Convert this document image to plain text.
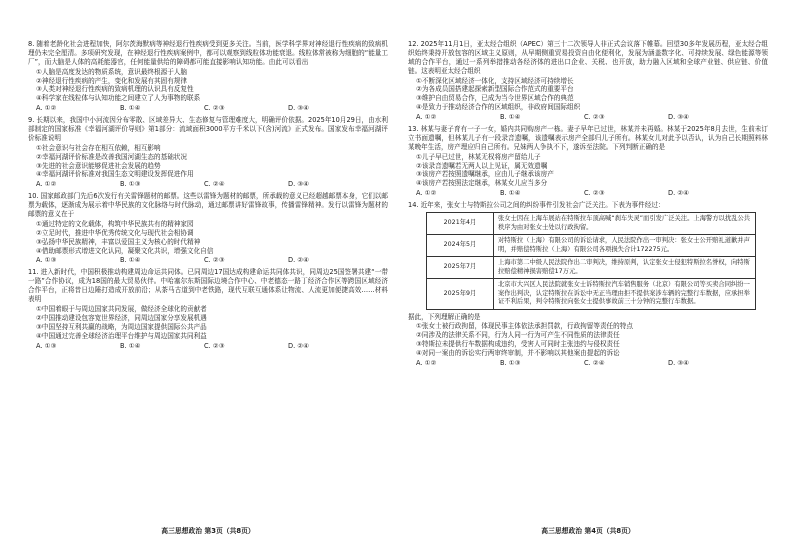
8. 随着老龄化社会进程加快，阿尔茨海默病等神经退行性疾病受到更多关注。当前，医学科学界对神经退行性疾病的致病机理仍未完全厘清。多项研究发现，在神经退行性疾病案例中，都可以观察到线粒体功能衰退。线粒体常被称为细胞的“能量工厂”，而大脑是人体的高耗能器官，任何能量供给的障碍都可能直接影响认知功能。由此可以看出

①人脑是高度发达的物质系统，意识最终根源于人脑

②神经退行性疾病的产生，变化和发展有其固有规律

③人类对神经退行性疾病的致病机理的认识具有反复性

④科学家在线粒体与认知功能之间建立了人为事物的联系

A. ①②	B. ①④	C. ②③	D. ③④

9. 长期以来，我国中小河流因分布零散、区域差异大、生态修复与管理难度大，明确评价依据。2025年10月29日，由水利部制定的国家标准《幸福河湖评价导则》第1部分：流域面积3000平方千米以下(含)河流》正式发布。国家发布幸福河湖评价标准说明

①社会意识与社会存在相互依赖，相互影响

②幸福河湖评价标准是改善我国河湖生态的基础状况

③先进的社会意识能够促进社会发展的趋势

④幸福河湖评价标准对我国生态文明建设发挥促进作用

A. ①②	B. ①③	C. ②④	D. ③④

10. 国家邮政部门先后6次发行有关雷锋题材的邮票。这些以雷锋为题材的邮票，所承载的意义已经超越邮票本身，它们以邮票为载体，逐渐成为展示着中华民族的文化脉络与时代脉动，通过邮票讲好雷锋故事，传播雷锋精神。发行以雷锋为题材的邮票的意义在于

①通过特定的文化载体，构筑中华民族共有的精神家园

②立足时代，推进中华优秀传统文化与现代社会相协调

③弘扬中华民族精神，丰富以爱国主义为核心的时代精神

④借助邮票形式增进文化认同，凝聚文化共识，增强文化自信

A. ①③	B. ①④	C. ②③	D. ②④

11. 进入新时代，中国积极推动构建周边命运共同体。已同周边17国达成构建命运共同体共识，同周边25国签署共建“一带一路”合作协议，成为18国的最大贸易伙伴。中哈塞尔东斯国际边境合作中心、中老德态一路丁经济合作区等跨国区域经济合作平台，正将昔日边陲打造成开放前沿；从茶马古道到中老铁路，现代互联互通体系让物流、人流更加便捷高效……材料表明

①中国着眼于与周边国家共同发展，做经济全球化的贡献者

②中国推动建设包容宽世界经济，同周边国家分享发展机遇

③中国坚持互利共赢的战略，为周边国家提供国际公共产品

④中国通过完善全球经济治理平台维护与周边国家共同利益

A. ①③	B. ①④	C. ②③	D. ②④

12. 2025年11月1日，亚太经合组织（APEC）第三十二次领导人非正式会议落下帷幕。回望30多年发展历程，亚太经合组织始终秉持开放包容的区域主义原则，从早期侧重贸易投资自由化便利化，发展为涵盖数字化、可持续发展、绿色能源等领域的合作平台，通过一系列举措推动各经济体的进出口企业、关税、也开放，助力融入区域和全球产业链、供应链、价值链。这表明亚太经合组织

①不断深化区域经济一体化，支持区域经济可持续增长

②为各成员国搭建起探索新型国际合作范式的重要平台

③维护自由贸易合作，已成为当今世界区域合作的典范

④是致力于推动经济合作的区域组织，非政府间国际组织

A. ①②	B. ①④	C. ②③	D. ③④

13. 林某与妻子育有一子一女，婚内共同购房产一栋。妻子早年已过世，林某并未再婚。林某于2025年8月去世，生前未订立书面遗嘱，但林某儿子有一段录音遗嘱，该遗嘱表示房产全部归儿子所有。林某女儿对此予以否认，认为自己长期照料林某晚年生活，房产理应归自己所有。兄妹两人争执不下，遂诉至法院。下列判断正确的是

①儿子早已过世，林某无权将房产留给儿子

②该录音遗嘱若无两人以上见证，属无效遗嘱

③该房产若按照遗嘱继承，应由儿子继承该房产

④该房产若按照法定继承，林某女儿应当多分

A. ①②	B. ①④	C. ②③	D. ②④

14. 近年来，张女士与特斯拉公司之间的纠纷事件引发社会广泛关注。下表为事件经过：

2021年4月	张女士因在上海车展站在特斯拉车顶高喊“刹车失灵”而引发广泛关注。上海警方以扰乱公共秩序为由对张女士处以行政拘留。
2024年5月	对特斯拉（上海）有限公司的诉讼请求，人民法院作出一审判决：张女士公开赔礼道歉并声明，并赔偿特斯拉（上海）有限公司各项损失合计172275元。
2025年7月	上海市第二中级人民法院作出二审判决，维持原判，认定张女士侵犯特斯拉名誉权，向特斯拉赔偿精神损害赔偿17万元。
2025年9月	北京市大兴区人民法院就张女士诉特斯拉汽车销售服务（北京）有限公司等买卖合同纠纷一案作出判决，认定特斯拉在诉讼中无正当理由拒不提供案涉车辆的完整行车数据，应承担举证不利后果，判令特斯拉向张女士提供事故前三十分钟的完整行车数据。

据此，下列理解正确的是

①张女士被行政拘留，体现民事主体依法承担罚款，行政拘留等责任的特点

②同涉及的法律关系不同，行为人同一行为可产生不同性质的法律责任

③特斯拉未提供行车数据构成违约，受害人可同时主张违约与侵权责任

④对同一案由的诉讼实行两审终审制，并不影响以其他案由提起的诉讼

A. ①②	B. ①③	C. ②④	D. ③④
高三思想政治 第3页（共8页）	高三思想政治 第4页（共8页）
